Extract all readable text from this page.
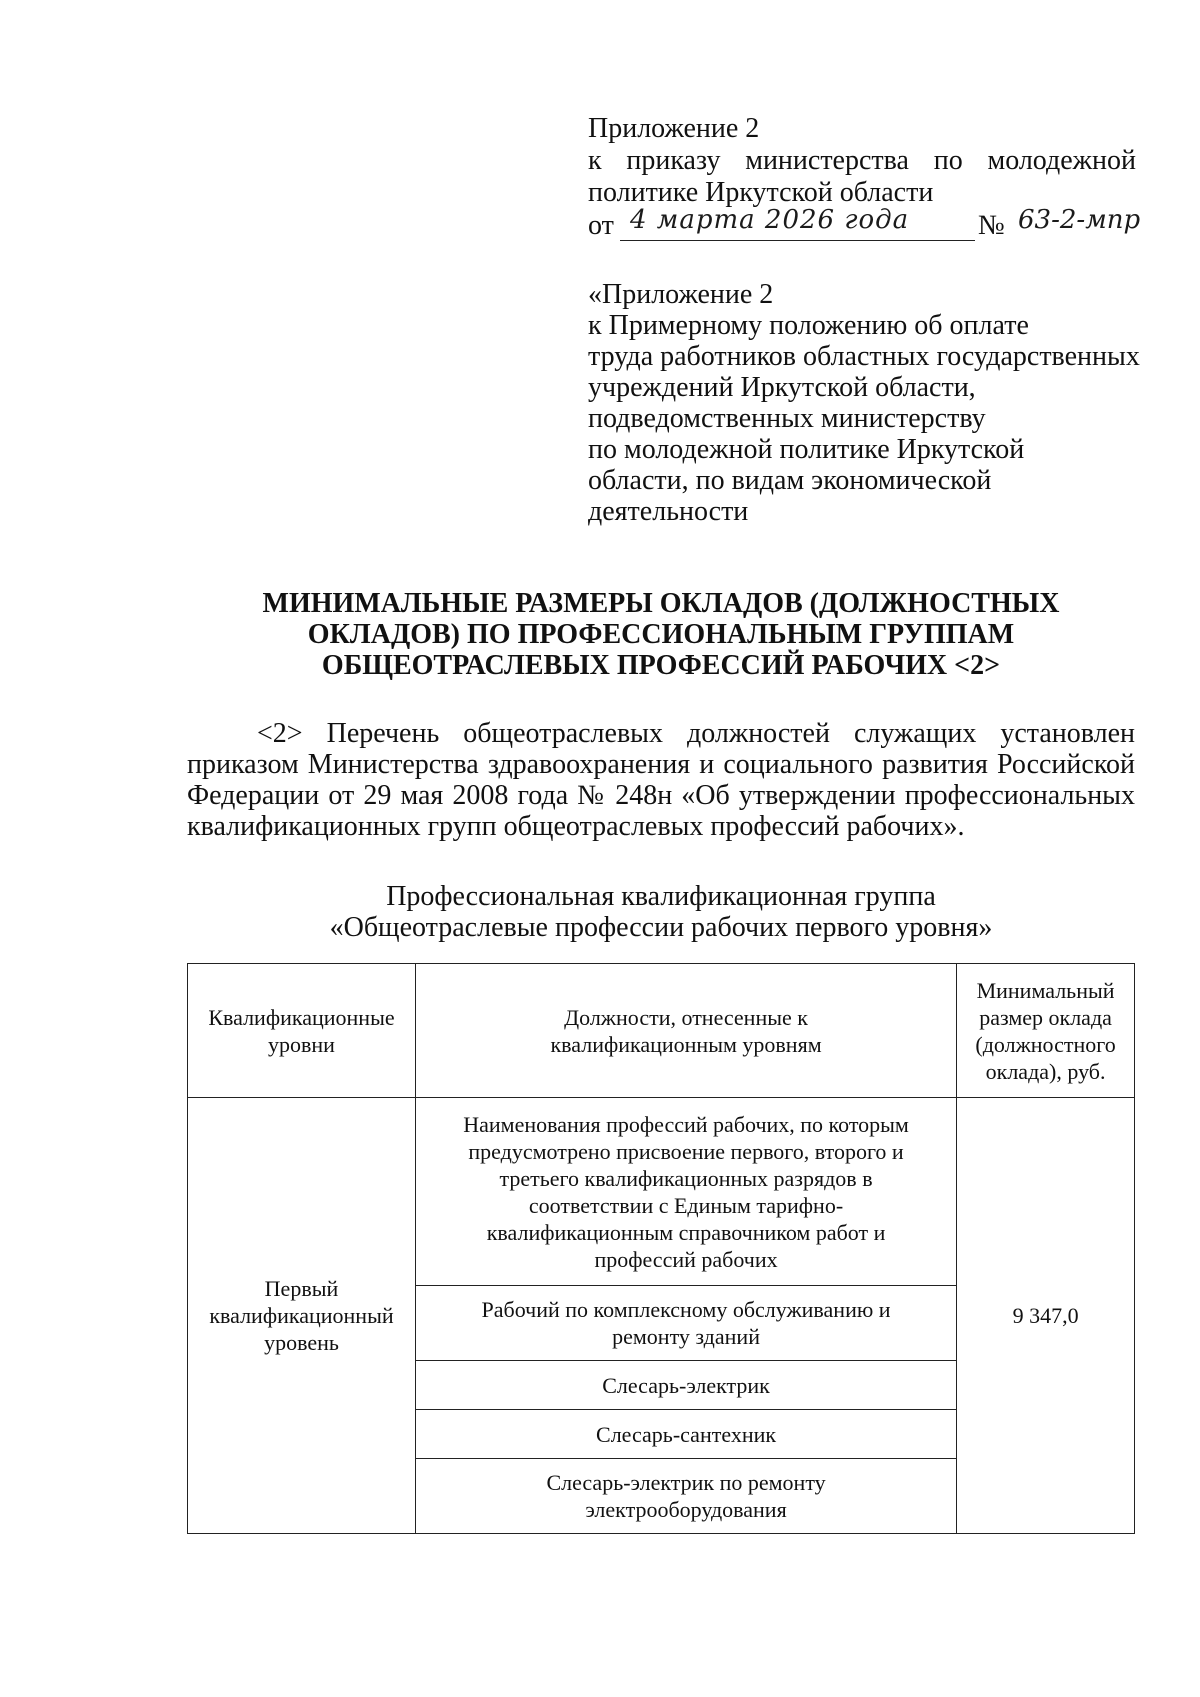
Приложение 2
к приказу министерства по молодежной
политике Иркутской области
от 4 марта 2026 года № 63-2-мпр
«Приложение 2
к Примерному положению об оплате
труда работников областных государственных
учреждений Иркутской области,
подведомственных министерству
по молодежной политике Иркутской
области, по видам экономической
деятельности
МИНИМАЛЬНЫЕ РАЗМЕРЫ ОКЛАДОВ (ДОЛЖНОСТНЫХ
ОКЛАДОВ) ПО ПРОФЕССИОНАЛЬНЫМ ГРУППАМ
ОБЩЕОТРАСЛЕВЫХ ПРОФЕССИЙ РАБОЧИХ <2>
<2> Перечень общеотраслевых должностей служащих установлен
приказом Министерства здравоохранения и социального развития Российской
Федерации от 29 мая 2008 года № 248н «Об утверждении профессиональных
квалификационных групп общеотраслевых профессий рабочих».
Профессиональная квалификационная группа
«Общеотраслевые профессии рабочих первого уровня»
Квалификационные уровни	Должности, отнесенные к квалификационным уровням	Минимальный размер оклада (должностного оклада), руб.
Первый квалификационный уровень	Наименования профессий рабочих, по которым предусмотрено присвоение первого, второго и третьего квалификационных разрядов в соответствии с Единым тарифно-квалификационным справочником работ и профессий рабочих	9 347,0
	Рабочий по комплексному обслуживанию и ремонту зданий	
	Слесарь-электрик	
	Слесарь-сантехник	
	Слесарь-электрик по ремонту электрооборудования	
